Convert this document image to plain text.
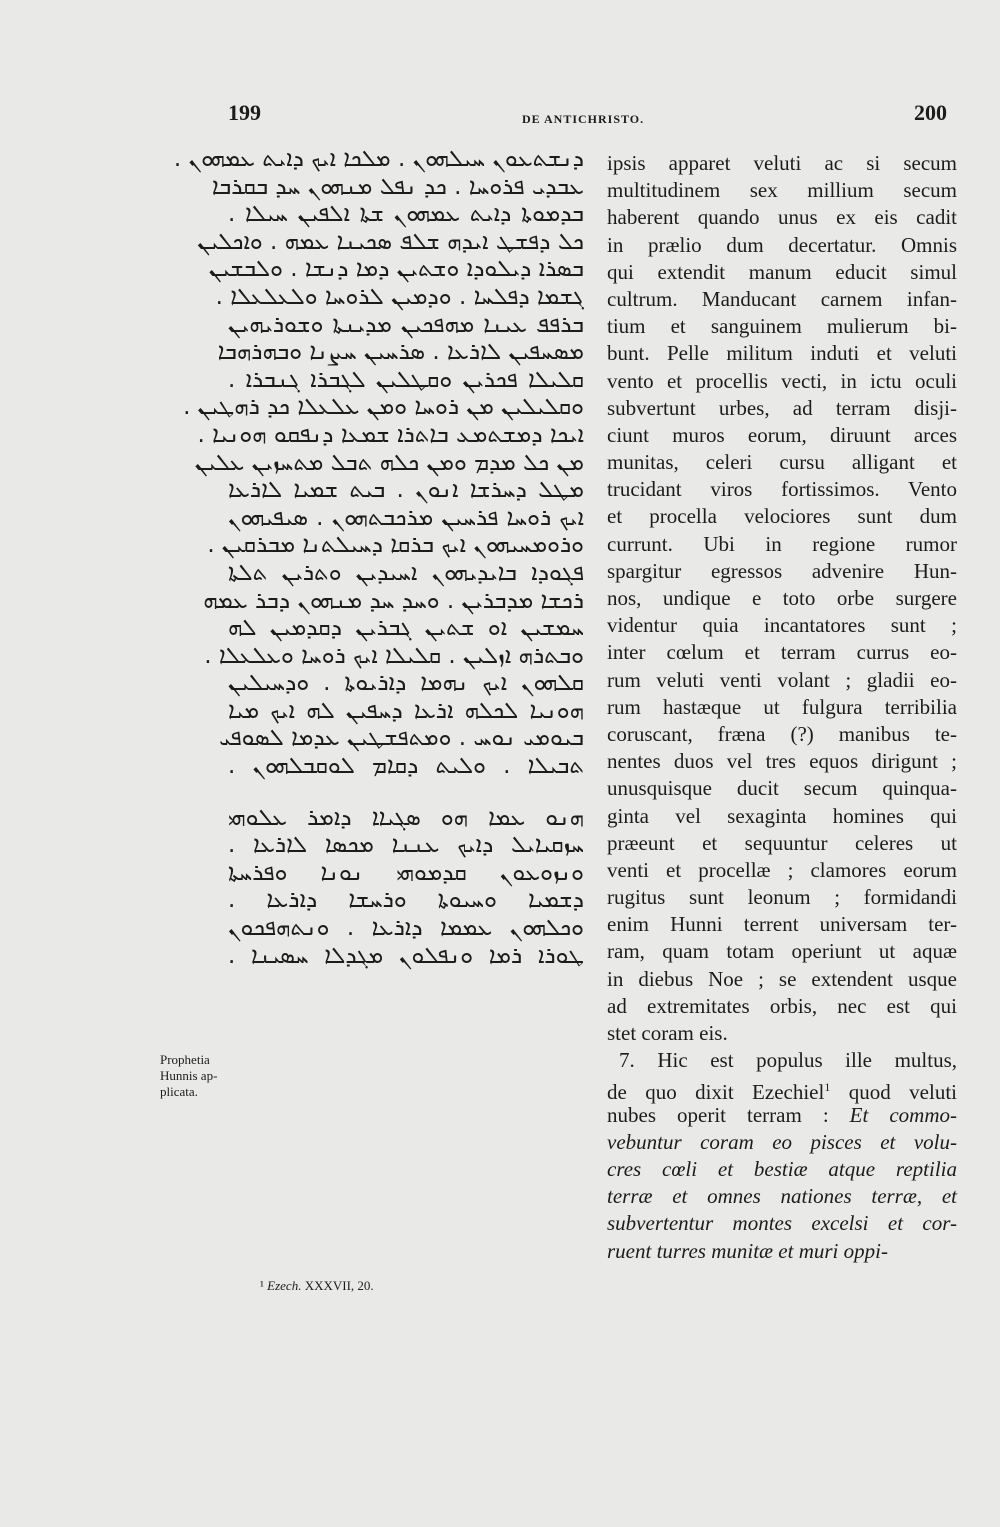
199	DE ANTICHRISTO.	200
ܕܢܫܬܥܘܢ ܚܝܠܗܘܢ . ܡܠܟܐ ܐܝܟ ܕܐܝܬ ܥܡܗܘܢ .
ܥܒܕܝ ܦܪܘܚܐ . ܟܕ ܢܦܠ ܡܢܗܘܢ ܚܕ ܒܩܪܒܐ
ܒܕܡܘܬܐ ܕܐܝܬ ܥܡܗܘܢ ܫܬܐ ܐܠܦܝܢ ܚܝܠܐ .
ܟܠ ܕܦܫܛ ܐܝܕܗ ܫܠܦ ܣܟܝܢܐ ܥܡܗ . ܘܐܟܠܝܢ
ܒܣܪܐ ܕܝܠܘܕܐ ܘܫܬܝܢ ܕܡܐ ܕܢܫܐ . ܘܠܒܫܝܢ
ܓܫܡܐ ܕܦܠܚܐ . ܘܕܡܝܢ ܠܪܘܚܐ ܘܠܥܠܥܠܐ .
ܒܪܦܦ ܥܝܢܐ ܡܗܦܟܝܢ ܡܕܝܢܬܐ ܘܫܘܪܝܗܝܢ
ܡܣܚܦܝܢ ܠܐܪܥܐ . ܣܪܚܝܢ ܚܨܢܐ ܘܒܗܪܗܒܐ
ܩܠܝܠܐ ܦܟܪܝܢ ܘܩܛܠܝܢ ܠܓܒܪܐ ܓܢܒܪܐ .
ܘܩܠܝܠܝܢ ܡܢ ܪܘܚܐ ܘܡܢ ܥܠܥܠܐ ܟܕ ܪܗܛܝܢ .
ܐܝܟܐ ܕܡܫܬܡܥ ܒܐܬܪܐ ܫܡܥܐ ܕܢܦܩܘ ܗܘܢܝܐ .
ܡܢ ܟܠ ܡܕܡ ܘܡܢ ܟܠܗ ܬܒܠ ܡܬܚܙܝܢ ܥܠܝܢ
ܡܛܠ ܕܚܪܫܐ ܐܢܘܢ . ܒܝܬ ܫܡܝܐ ܠܐܪܥܐ
ܐܝܟ ܪܘܚܐ ܦܪܚܝܢ ܡܪܟܒܬܗܘܢ . ܣܝܦܝܗܘܢ
ܘܪܘܡܚܝܗܘܢ ܐܝܟ ܒܪܩܐ ܕܚܝܠܬܢܐ ܡܒܪܩܝܢ .
ܦܓܘܕܐ ܒܐܝܕܝܗܘܢ ܐܚܝܕܝܢ ܘܬܪܝܢ ܬܠܬܐ
ܪܟܫܐ ܡܕܒܪܝܢ . ܘܚܕ ܚܕ ܡܢܗܘܢ ܕܒܪ ܥܡܗ
ܚܡܫܝܢ ܐܘ ܫܬܝܢ ܓܒܪܝܢ ܕܩܕܡܝܢ ܠܗ
ܘܒܬܪܗ ܐܙܠܝܢ . ܩܠܝܠܐ ܐܝܟ ܪܘܚܐ ܘܥܠܥܠܐ .
ܩܠܗܘܢ ܐܝܟ ܢܗܡܐ ܕܐܪܝܘܬܐ . ܘܕܚܝܠܝܢ
ܗܘܢܝܐ ܠܟܠܗ ܐܪܥܐ ܕܚܦܝܢ ܠܗ ܐܝܟ ܡܝܐ
ܒܝܘܡܝ ܢܘܚ . ܘܡܬܦܫܛܝܢ ܥܕܡܐ ܠܣܘܦܝ
ܬܒܝܠܐ . ܘܠܝܬ ܕܩܐܡ ܠܘܩܒܠܗܘܢ .
ܗܢܘ ܥܡܐ ܗܘ ܣܓܝܐܐ ܕܐܡܪ ܥܠܘܗܝ
ܚܙܩܝܐܝܠ ܕܐܝܟ ܥܢܢܐ ܡܟܣܐ ܠܐܪܥܐ .
ܘܢܙܘܥܘܢ ܩܕܡܘܗܝ ܢܘܢܐ ܘܦܪܚܬܐ
ܕܫܡܝܐ ܘܚܝܘܬܐ ܘܪܚܫܐ ܕܐܪܥܐ .
ܘܟܠܗܘܢ ܥܡܡܐ ܕܐܪܥܐ . ܘܢܬܗܦܟܘܢ
ܛܘܪܐ ܪܡܐ ܘܢܦܠܘܢ ܡܓܕܠܐ ܚܣܝܢܐ .
ipsis apparet veluti ac si secum
multitudinem sex millium secum
haberent quando unus ex eis cadit
in prælio dum decertatur. Omnis
qui extendit manum educit simul
cultrum. Manducant carnem infan-
tium et sanguinem mulierum bi-
bunt. Pelle militum induti et veluti
vento et procellis vecti, in ictu oculi
subvertunt urbes, ad terram disji-
ciunt muros eorum, diruunt arces
munitas, celeri cursu alligant et
trucidant viros fortissimos. Vento
et procella velociores sunt dum
currunt. Ubi in regione rumor
spargitur egressos advenire Hun-
nos, undique e toto orbe surgere
videntur quia incantatores sunt ;
inter cœlum et terram currus eo-
rum veluti venti volant ; gladii eo-
rum hastæque ut fulgura terribilia
coruscant, fræna (?) manibus te-
nentes duos vel tres equos dirigunt ;
unusquisque ducit secum quinqua-
ginta vel sexaginta homines qui
præeunt et sequuntur celeres ut
venti et procellæ ; clamores eorum
rugitus sunt leonum ; formidandi
enim Hunni terrent universam ter-
ram, quam totam operiunt ut aquæ
in diebus Noe ; se extendent usque
ad extremitates orbis, nec est qui
stet coram eis.
7. Hic est populus ille multus,
de quo dixit Ezechiel$^1$ quod veluti
nubes operit terram : Et commo-
vebuntur coram eo pisces et volu-
cres cœli et bestiæ atque reptilia
terræ et omnes nationes terræ, et
subvertentur montes excelsi et cor-
ruent turres munitæ et muri oppi-
Prophetia
Hunnis ap-
plicata.
¹ Ezech. XXXVII, 20.
